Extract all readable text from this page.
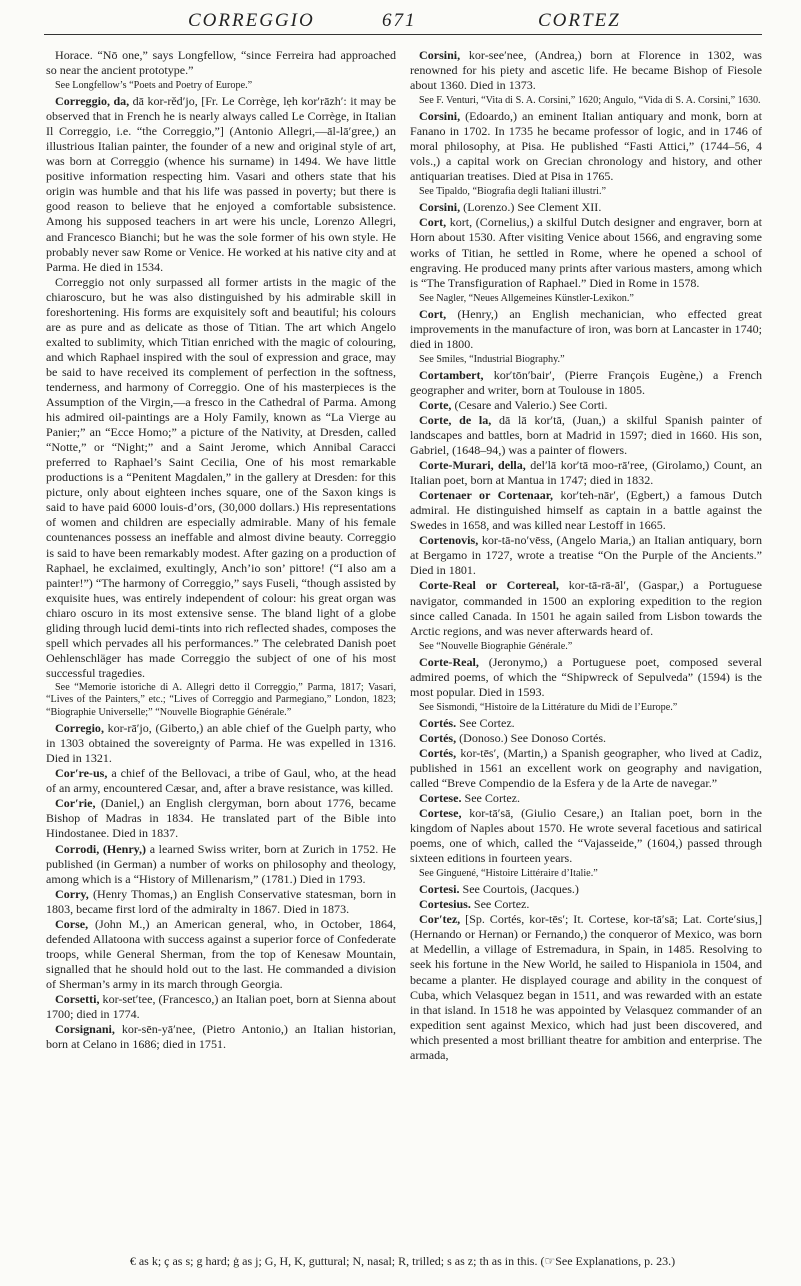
CORREGGIO	671	CORTEZ

Horace. “Nō one,” says Longfellow, “since Ferreira had approached so near the ancient prototype.”

See Longfellow’s “Poets and Poetry of Europe.”

Correggio, da, dā kor-rĕd′jo, [Fr. Le Corrège, lẹh kor′rāzh′: it may be observed that in French he is nearly always called Le Corrège, in Italian Il Correggio, i.e. “the Correggio,”] (Antonio Allegri,—āl-lā′gree,) an illustrious Italian painter, the founder of a new and original style of art, was born at Correggio (whence his surname) in 1494. We have little positive information respecting him. Vasari and others state that his origin was humble and that his life was passed in poverty; but there is good reason to believe that he enjoyed a comfortable subsistence. Among his supposed teachers in art were his uncle, Lorenzo Allegri, and Francesco Bianchi; but he was the sole former of his own style. He probably never saw Rome or Venice. He worked at his native city and at Parma. He died in 1534.

Correggio not only surpassed all former artists in the magic of the chiaroscuro, but he was also distinguished by his admirable skill in foreshortening. His forms are exquisitely soft and beautiful; his colours are as pure and as delicate as those of Titian. The art which Angelo exalted to sublimity, which Titian enriched with the magic of colouring, and which Raphael inspired with the soul of expression and grace, may be said to have received its complement of perfection in the softness, tenderness, and harmony of Correggio. One of his masterpieces is the Assumption of the Virgin,—a fresco in the Cathedral of Parma. Among his admired oil-paintings are a Holy Family, known as “La Vierge au Panier;” an “Ecce Homo;” a picture of the Nativity, at Dresden, called “Notte,” or “Night;” and a Saint Jerome, which Annibal Caracci preferred to Raphael’s Saint Cecilia, One of his most remarkable productions is a “Penitent Magdalen,” in the gallery at Dresden: for this picture, only about eighteen inches square, one of the Saxon kings is said to have paid 6000 louis-d’ors, (30,000 dollars.) His representations of women and children are especially admirable. Many of his female countenances possess an ineffable and almost divine beauty. Correggio is said to have been remarkably modest. After gazing on a production of Raphael, he exclaimed, exultingly, Anch’io son’ pittore! (“I also am a painter!”) “The harmony of Correggio,” says Fuseli, “though assisted by exquisite hues, was entirely independent of colour: his great organ was chiaro oscuro in its most extensive sense. The bland light of a globe gliding through lucid demi-tints into rich reflected shades, composes the spell which pervades all his performances.” The celebrated Danish poet Oehlenschläger has made Correggio the subject of one of his most successful tragedies.

See “Memorie istoriche di A. Allegri detto il Correggio,” Parma, 1817; Vasari, “Lives of the Painters,” etc.; “Lives of Correggio and Parmegiano,” London, 1823; “Biographie Universelle;” “Nouvelle Biographie Générale.”

Corregio, kor-rā′jo, (Giberto,) an able chief of the Guelph party, who in 1303 obtained the sovereignty of Parma. He was expelled in 1316. Died in 1321.

Cor′re-us, a chief of the Bellovaci, a tribe of Gaul, who, at the head of an army, encountered Cæsar, and, after a brave resistance, was killed.

Cor′rie, (Daniel,) an English clergyman, born about 1776, became Bishop of Madras in 1834. He translated part of the Bible into Hindostanee. Died in 1837.

Corrodi, (Henry,) a learned Swiss writer, born at Zurich in 1752. He published (in German) a number of works on philosophy and theology, among which is a “History of Millenarism,” (1781.) Died in 1793.

Corry, (Henry Thomas,) an English Conservative statesman, born in 1803, became first lord of the admiralty in 1867. Died in 1873.

Corse, (John M.,) an American general, who, in October, 1864, defended Allatoona with success against a superior force of Confederate troops, while General Sherman, from the top of Kenesaw Mountain, signalled that he should hold out to the last. He commanded a division of Sherman’s army in its march through Georgia.

Corsetti, kor-set′tee, (Francesco,) an Italian poet, born at Sienna about 1700; died in 1774.

Corsignani, kor-sēn-yā′nee, (Pietro Antonio,) an Italian historian, born at Celano in 1686; died in 1751.

Corsini, kor-see′nee, (Andrea,) born at Florence in 1302, was renowned for his piety and ascetic life. He became Bishop of Fiesole about 1360. Died in 1373.

See F. Venturi, “Vita di S. A. Corsini,” 1620; Angulo, “Vida di S. A. Corsini,” 1630.

Corsini, (Edoardo,) an eminent Italian antiquary and monk, born at Fanano in 1702. In 1735 he became professor of logic, and in 1746 of moral philosophy, at Pisa. He published “Fasti Attici,” (1744–56, 4 vols.,) a capital work on Grecian chronology and history, and other antiquarian treatises. Died at Pisa in 1765.

See Tipaldo, “Biografia degli Italiani illustri.”

Corsini, (Lorenzo.) See Clement XII.

Cort, kort, (Cornelius,) a skilful Dutch designer and engraver, born at Horn about 1530. After visiting Venice about 1566, and engraving some works of Titian, he settled in Rome, where he opened a school of engraving. He produced many prints after various masters, among which is “The Transfiguration of Raphael.” Died in Rome in 1578.

See Nagler, “Neues Allgemeines Künstler-Lexikon.”

Cort, (Henry,) an English mechanician, who effected great improvements in the manufacture of iron, was born at Lancaster in 1740; died in 1800.

See Smiles, “Industrial Biography.”

Cortambert, kor′tōn′bair′, (Pierre François Eugène,) a French geographer and writer, born at Toulouse in 1805.

Corte, (Cesare and Valerio.) See Corti.

Corte, de la, dā lā kor′tā, (Juan,) a skilful Spanish painter of landscapes and battles, born at Madrid in 1597; died in 1660. His son, Gabriel, (1648–94,) was a painter of flowers.

Corte-Murari, della, del′lā kor′tā moo-rā′ree, (Girolamo,) Count, an Italian poet, born at Mantua in 1747; died in 1832.

Cortenaer or Cortenaar, kor′teh-nār′, (Egbert,) a famous Dutch admiral. He distinguished himself as captain in a battle against the Swedes in 1658, and was killed near Lestoff in 1665.

Cortenovis, kor-tā-no′vēss, (Angelo Maria,) an Italian antiquary, born at Bergamo in 1727, wrote a treatise “On the Purple of the Ancients.” Died in 1801.

Corte-Real or Cortereal, kor-tā-rā-āl′, (Gaspar,) a Portuguese navigator, commanded in 1500 an exploring expedition to the region since called Canada. In 1501 he again sailed from Lisbon towards the Arctic regions, and was never afterwards heard of.

See “Nouvelle Biographie Générale.”

Corte-Real, (Jeronymo,) a Portuguese poet, composed several admired poems, of which the “Shipwreck of Sepulveda” (1594) is the most popular. Died in 1593.

See Sismondi, “Histoire de la Littérature du Midi de l’Europe.”

Cortés. See Cortez.

Cortés, (Donoso.) See Donoso Cortés.

Cortés, kor-tēs′, (Martin,) a Spanish geographer, who lived at Cadiz, published in 1561 an excellent work on geography and navigation, called “Breve Compendio de la Esfera y de la Arte de navegar.”

Cortese. See Cortez.

Cortese, kor-tā′sā, (Giulio Cesare,) an Italian poet, born in the kingdom of Naples about 1570. He wrote several facetious and satirical poems, one of which, called the “Vajasseide,” (1604,) passed through sixteen editions in fourteen years.

See Ginguené, “Histoire Littéraire d’Italie.”

Cortesi. See Courtois, (Jacques.)

Cortesius. See Cortez.

Cor′tez, [Sp. Cortés, kor-tēs′; It. Cortese, kor-tā′sā; Lat. Corte′sius,] (Hernando or Hernan) or Fernando,) the conqueror of Mexico, was born at Medellin, a village of Estremadura, in Spain, in 1485. Resolving to seek his fortune in the New World, he sailed to Hispaniola in 1504, and became a planter. He displayed courage and ability in the conquest of Cuba, which Velasquez began in 1511, and was rewarded with an estate in that island. In 1518 he was appointed by Velasquez commander of an expedition sent against Mexico, which had just been discovered, and which presented a most brilliant theatre for ambition and enterprise. The armada,

€ as k; ç as s; g hard; ġ as j; G, H, K, guttural; N, nasal; R, trilled; s as z; th as in this. (☞See Explanations, p. 23.)
